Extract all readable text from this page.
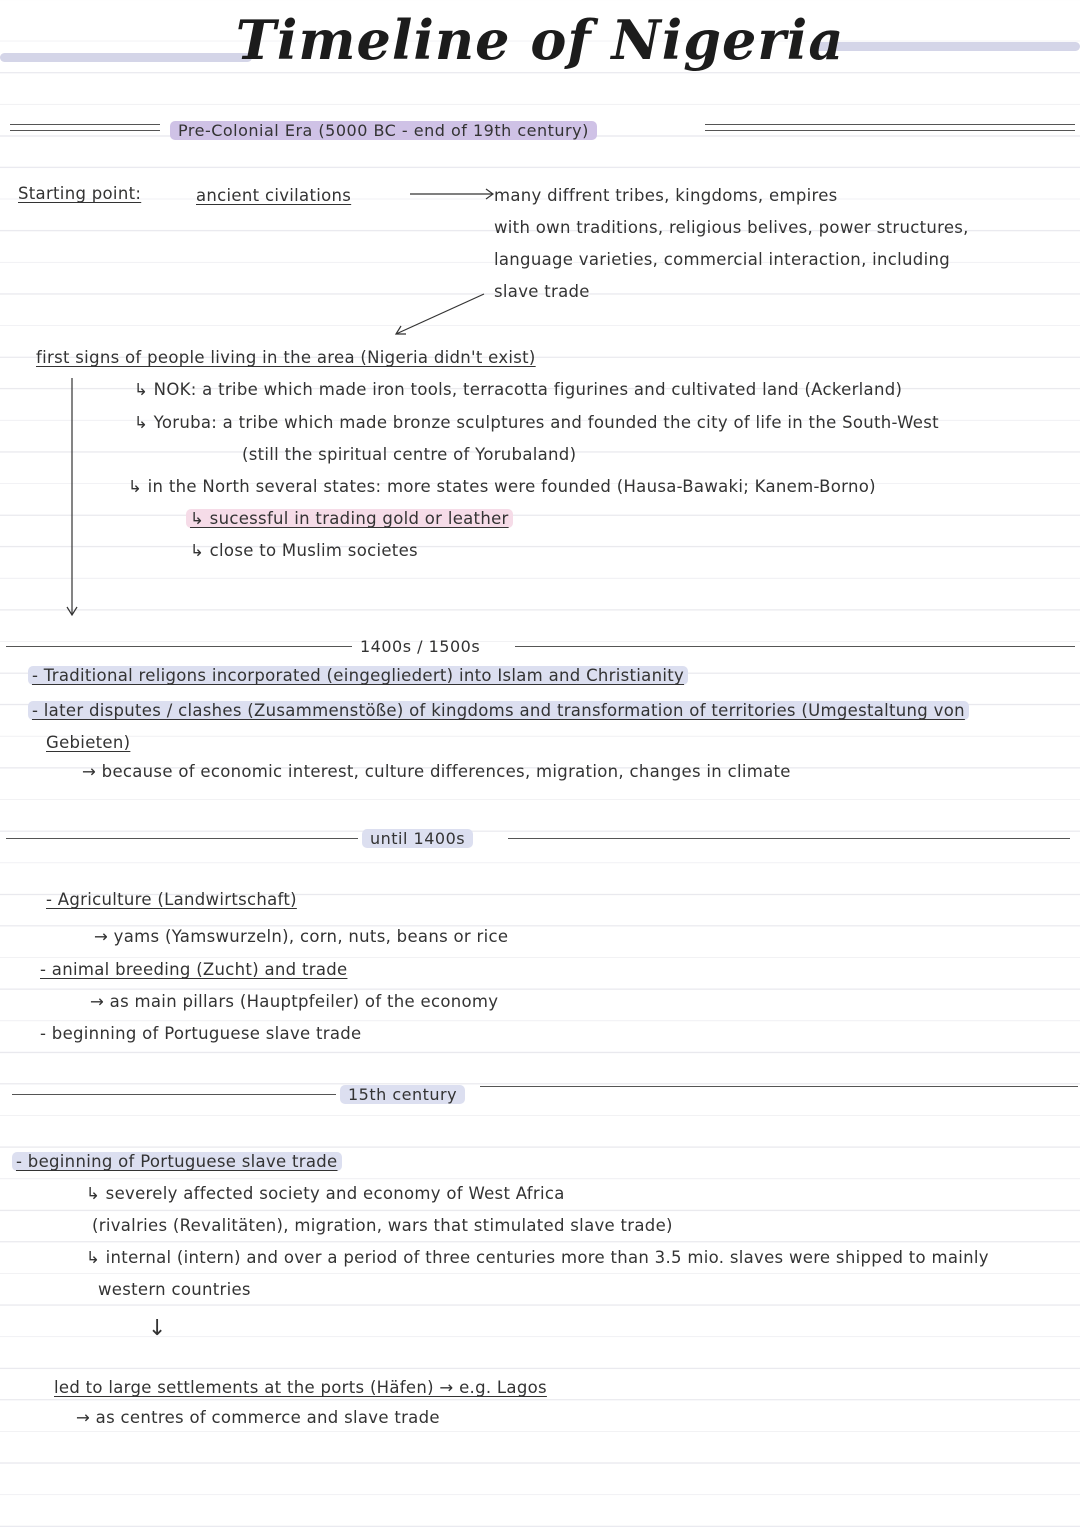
Timeline of Nigeria
Pre-Colonial Era (5000 BC - end of 19th century)
Starting point:	ancient civilations	many diffrent tribes, kingdoms, empires
with own traditions, religious belives, power structures,
language varieties, commercial interaction, including
slave trade
first signs of people living in the area (Nigeria didn't exist)
↳ NOK: a tribe which made iron tools, terracotta figurines and cultivated land (Ackerland)
↳ Yoruba: a tribe which made bronze sculptures and founded the city of life in the South-West
(still the spiritual centre of Yorubaland)
↳ in the North several states: more states were founded (Hausa-Bawaki; Kanem-Borno)
↳ sucessful in trading gold or leather
↳ close to Muslim societes
1400s / 1500s
- Traditional religons incorporated (eingegliedert) into Islam and Christianity
- later disputes / clashes (Zusammenstöße) of kingdoms and transformation of territories (Umgestaltung von
Gebieten)
→ because of economic interest, culture differences, migration, changes in climate
until 1400s
- Agriculture (Landwirtschaft)
→ yams (Yamswurzeln), corn, nuts, beans or rice
- animal breeding (Zucht) and trade
→ as main pillars (Hauptpfeiler) of the economy
- beginning of Portuguese slave trade
15th century
- beginning of Portuguese slave trade
↳ severely affected society and economy of West Africa
(rivalries (Revalitäten), migration, wars that stimulated slave trade)
↳ internal (intern) and over a period of three centuries more than 3.5 mio. slaves were shipped to mainly
western countries
↓
led to large settlements at the ports (Häfen) → e.g. Lagos
→ as centres of commerce and slave trade
